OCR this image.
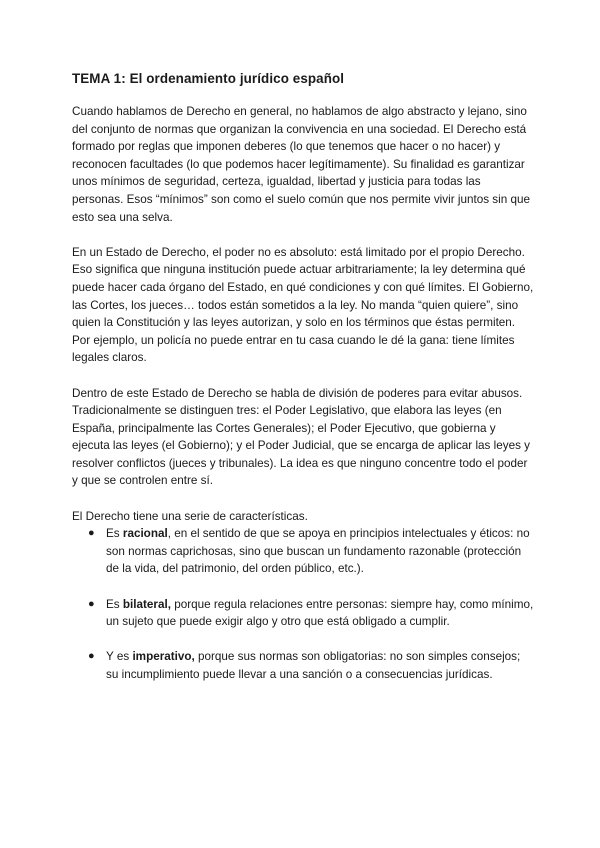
TEMA 1: El ordenamiento jurídico español

Cuando hablamos de Derecho en general, no hablamos de algo abstracto y lejano, sino del conjunto de normas que organizan la convivencia en una sociedad. El Derecho está formado por reglas que imponen deberes (lo que tenemos que hacer o no hacer) y reconocen facultades (lo que podemos hacer legítimamente). Su finalidad es garantizar unos mínimos de seguridad, certeza, igualdad, libertad y justicia para todas las personas. Esos “mínimos” son como el suelo común que nos permite vivir juntos sin que esto sea una selva.

En un Estado de Derecho, el poder no es absoluto: está limitado por el propio Derecho. Eso significa que ninguna institución puede actuar arbitrariamente; la ley determina qué puede hacer cada órgano del Estado, en qué condiciones y con qué límites. El Gobierno, las Cortes, los jueces… todos están sometidos a la ley. No manda “quien quiere”, sino quien la Constitución y las leyes autorizan, y solo en los términos que éstas permiten. Por ejemplo, un policía no puede entrar en tu casa cuando le dé la gana: tiene límites legales claros.

Dentro de este Estado de Derecho se habla de división de poderes para evitar abusos. Tradicionalmente se distinguen tres: el Poder Legislativo, que elabora las leyes (en España, principalmente las Cortes Generales); el Poder Ejecutivo, que gobierna y ejecuta las leyes (el Gobierno); y el Poder Judicial, que se encarga de aplicar las leyes y resolver conflictos (jueces y tribunales). La idea es que ninguno concentre todo el poder y que se controlen entre sí.

El Derecho tiene una serie de características.

● Es racional, en el sentido de que se apoya en principios intelectuales y éticos: no son normas caprichosas, sino que buscan un fundamento razonable (protección de la vida, del patrimonio, del orden público, etc.).
● Es bilateral, porque regula relaciones entre personas: siempre hay, como mínimo, un sujeto que puede exigir algo y otro que está obligado a cumplir.
● Y es imperativo, porque sus normas son obligatorias: no son simples consejos; su incumplimiento puede llevar a una sanción o a consecuencias jurídicas.
